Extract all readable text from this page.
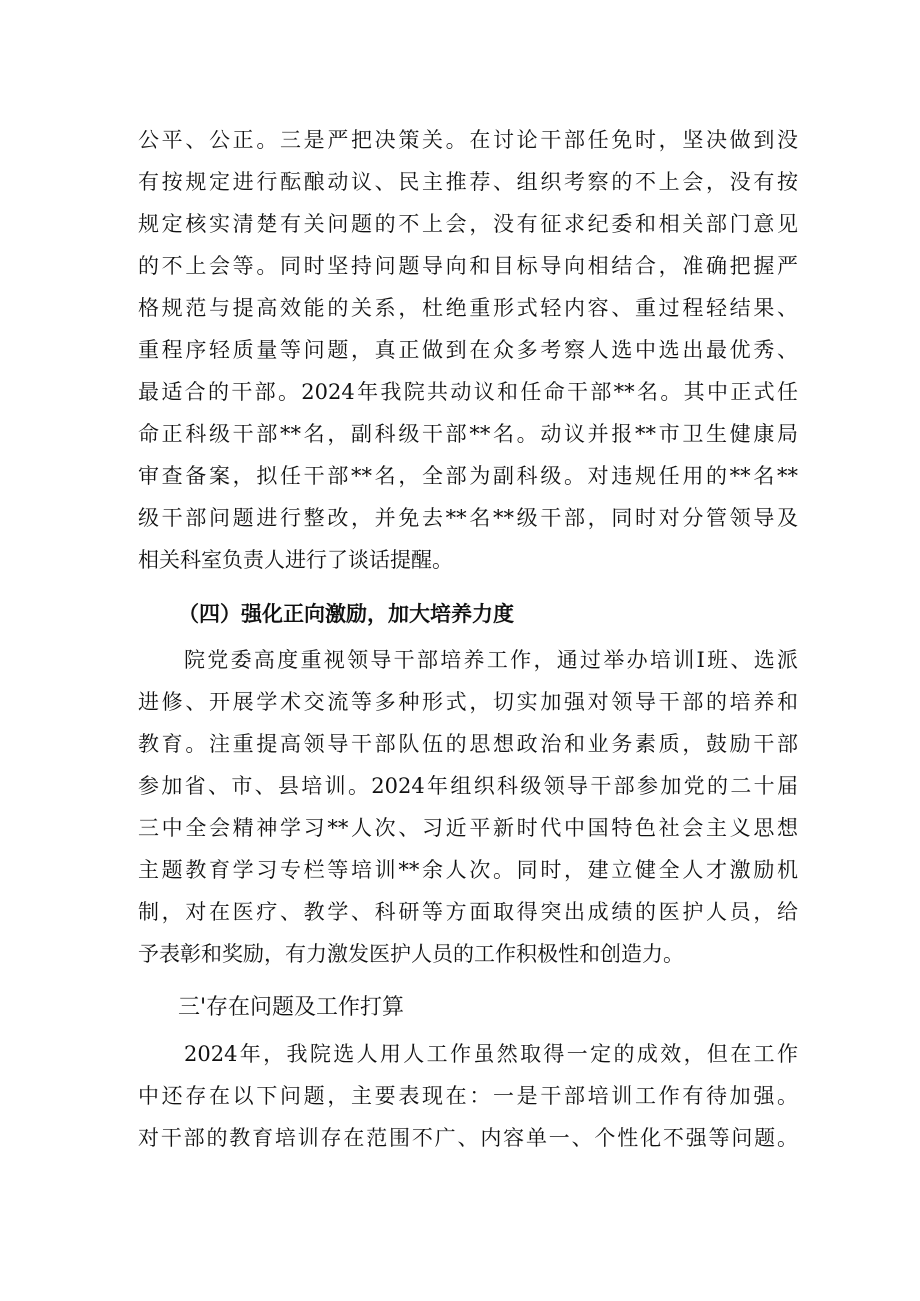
公平、公正。三是严把决策关。在讨论干部任免时，坚决做到没
有按规定进行酝酿动议、民主推荐、组织考察的不上会，没有按
规定核实清楚有关问题的不上会，没有征求纪委和相关部门意见
的不上会等。同时坚持问题导向和目标导向相结合，准确把握严
格规范与提高效能的关系，杜绝重形式轻内容、重过程轻结果、
重程序轻质量等问题，真正做到在众多考察人选中选出最优秀、
最适合的干部。2024年我院共动议和任命干部**名。其中正式任
命正科级干部**名，副科级干部**名。动议并报**市卫生健康局
审查备案，拟任干部**名，全部为副科级。对违规任用的**名**
级干部问题进行整改，并免去**名**级干部，同时对分管领导及
相关科室负责人进行了谈话提醒。
（四）强化正向激励，加大培养力度
院党委高度重视领导干部培养工作，通过举办培训I班、选派
进修、开展学术交流等多种形式，切实加强对领导干部的培养和
教育。注重提高领导干部队伍的思想政治和业务素质，鼓励干部
参加省、市、县培训。2024年组织科级领导干部参加党的二十届
三中全会精神学习**人次、习近平新时代中国特色社会主义思想
主题教育学习专栏等培训**余人次。同时，建立健全人才激励机
制，对在医疗、教学、科研等方面取得突出成绩的医护人员，给
予表彰和奖励，有力激发医护人员的工作积极性和创造力。
三'存在问题及工作打算
2024年，我院选人用人工作虽然取得一定的成效，但在工作
中还存在以下问题，主要表现在：一是干部培训工作有待加强。
对干部的教育培训存在范围不广、内容单一、个性化不强等问题。
